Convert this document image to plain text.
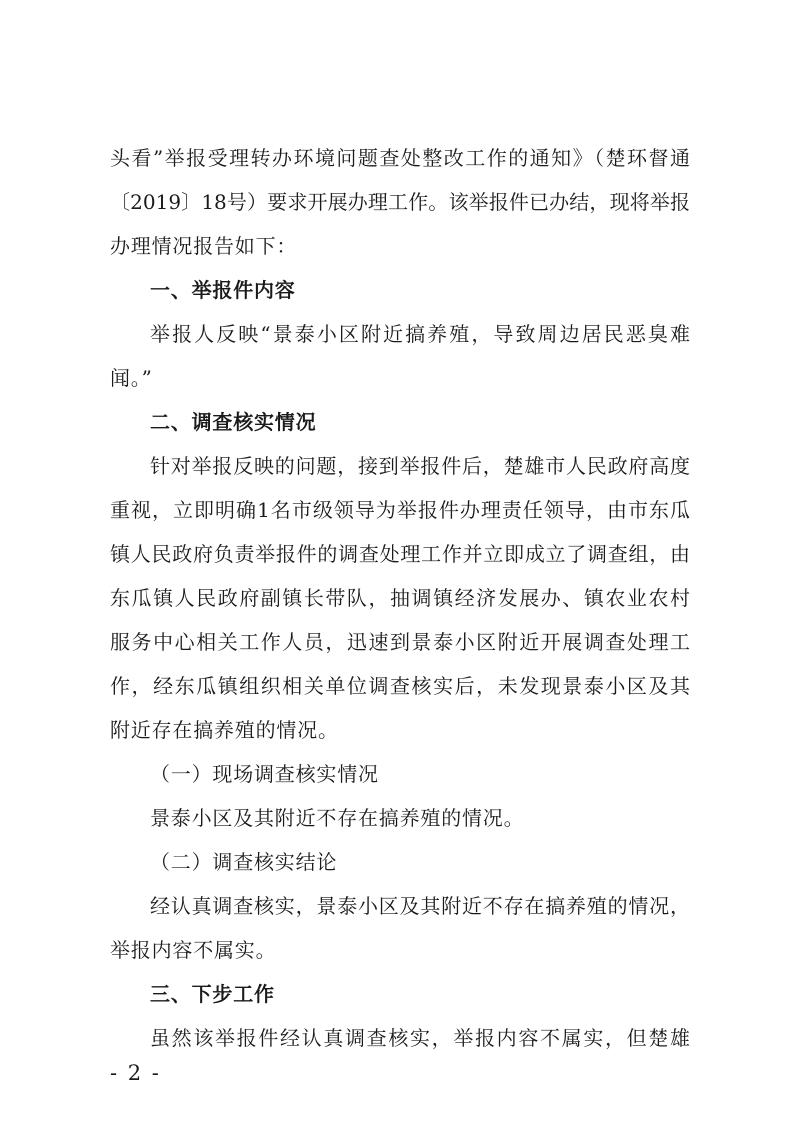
头看”举报受理转办环境问题查处整改工作的通知》（楚环督通

〔2019〕18号）要求开展办理工作。该举报件已办结，现将举报

办理情况报告如下：

一、举报件内容

举报人反映“景泰小区附近搞养殖，导致周边居民恶臭难

闻。”

二、调查核实情况

针对举报反映的问题，接到举报件后，楚雄市人民政府高度

重视，立即明确1名市级领导为举报件办理责任领导，由市东瓜

镇人民政府负责举报件的调查处理工作并立即成立了调查组，由

东瓜镇人民政府副镇长带队，抽调镇经济发展办、镇农业农村

服务中心相关工作人员，迅速到景泰小区附近开展调查处理工

作，经东瓜镇组织相关单位调查核实后，未发现景泰小区及其

附近存在搞养殖的情况。

（一）现场调查核实情况

景泰小区及其附近不存在搞养殖的情况。

（二）调查核实结论

经认真调查核实，景泰小区及其附近不存在搞养殖的情况，

举报内容不属实。

三、下步工作

虽然该举报件经认真调查核实，举报内容不属实，但楚雄

- 2 -
